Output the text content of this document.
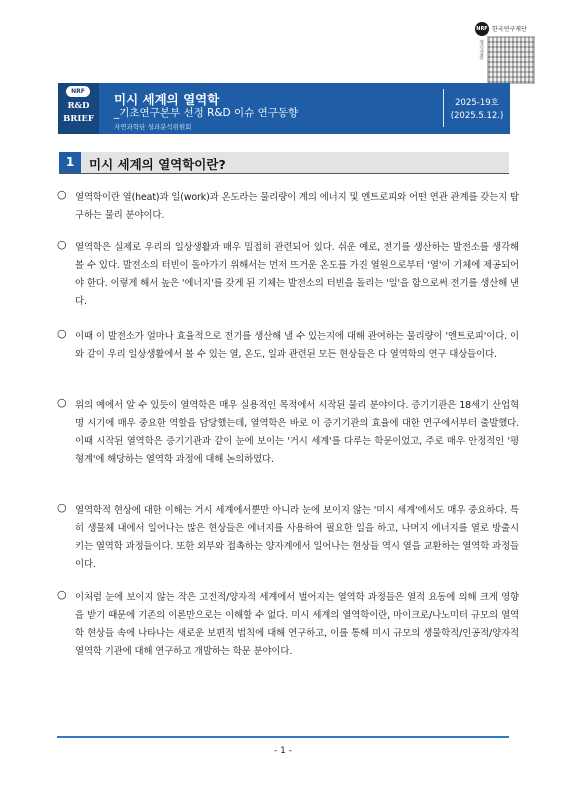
NRF 한국연구재단
정식검증
NRF
R&D
BRIEF
미시 세계의 열역학
_기초연구본부 선정 R&D 이슈 연구동향
자연과학단 성과분석위원회
2025-19호
(2025.5.12.)
1	미시 세계의 열역학이란?
○ 열역학이란 열(heat)과 일(work)과 온도라는 물리량이 계의 에너지 및 엔트로피와 어떤 연관 관계를 갖는지 탐구하는 물리 분야이다.
○ 열역학은 실제로 우리의 일상생활과 매우 밀접히 관련되어 있다. 쉬운 예로, 전기를 생산하는 발전소를 생각해 볼 수 있다. 발전소의 터빈이 돌아가기 위해서는 먼저 뜨거운 온도를 가진 열원으로부터 '열'이 기체에 제공되어야 한다. 이렇게 해서 높은 '에너지'를 갖게 된 기체는 발전소의 터빈을 돌리는 '일'을 함으로써 전기를 생산해 낸다.
○ 이때 이 발전소가 얼마나 효율적으로 전기를 생산해 낼 수 있는지에 대해 관여하는 물리량이 '엔트로피'이다. 이와 같이 우리 일상생활에서 볼 수 있는 열, 온도, 일과 관련된 모든 현상들은 다 열역학의 연구 대상들이다.
○ 위의 예에서 알 수 있듯이 열역학은 매우 실용적인 목적에서 시작된 물리 분야이다. 증기기관은 18세기 산업혁명 시기에 매우 중요한 역할을 담당했는데, 열역학은 바로 이 증기기관의 효율에 대한 연구에서부터 출발했다. 이때 시작된 열역학은 증기기관과 같이 눈에 보이는 '거시 세계'를 다루는 학문이었고, 주로 매우 안정적인 '평형계'에 해당하는 열역학 과정에 대해 논의하였다.
○ 열역학적 현상에 대한 이해는 거시 세계에서뿐만 아니라 눈에 보이지 않는 '미시 세계'에서도 매우 중요하다. 특히 생물체 내에서 일어나는 많은 현상들은 에너지를 사용하여 필요한 일을 하고, 나머지 에너지를 열로 방출시키는 열역학 과정들이다. 또한 외부와 접촉하는 양자계에서 일어나는 현상들 역시 열을 교환하는 열역학 과정들이다.
○ 이처럼 눈에 보이지 않는 작은 고전적/양자적 세계에서 벌어지는 열역학 과정들은 열적 요동에 의해 크게 영향을 받기 때문에 기존의 이론만으로는 이해할 수 없다. 미시 세계의 열역학이란, 마이크로/나노미터 규모의 열역학 현상들 속에 나타나는 새로운 보편적 법칙에 대해 연구하고, 이를 통해 미시 규모의 생물학적/인공적/양자적 열역학 기관에 대해 연구하고 개발하는 학문 분야이다.
- 1 -
